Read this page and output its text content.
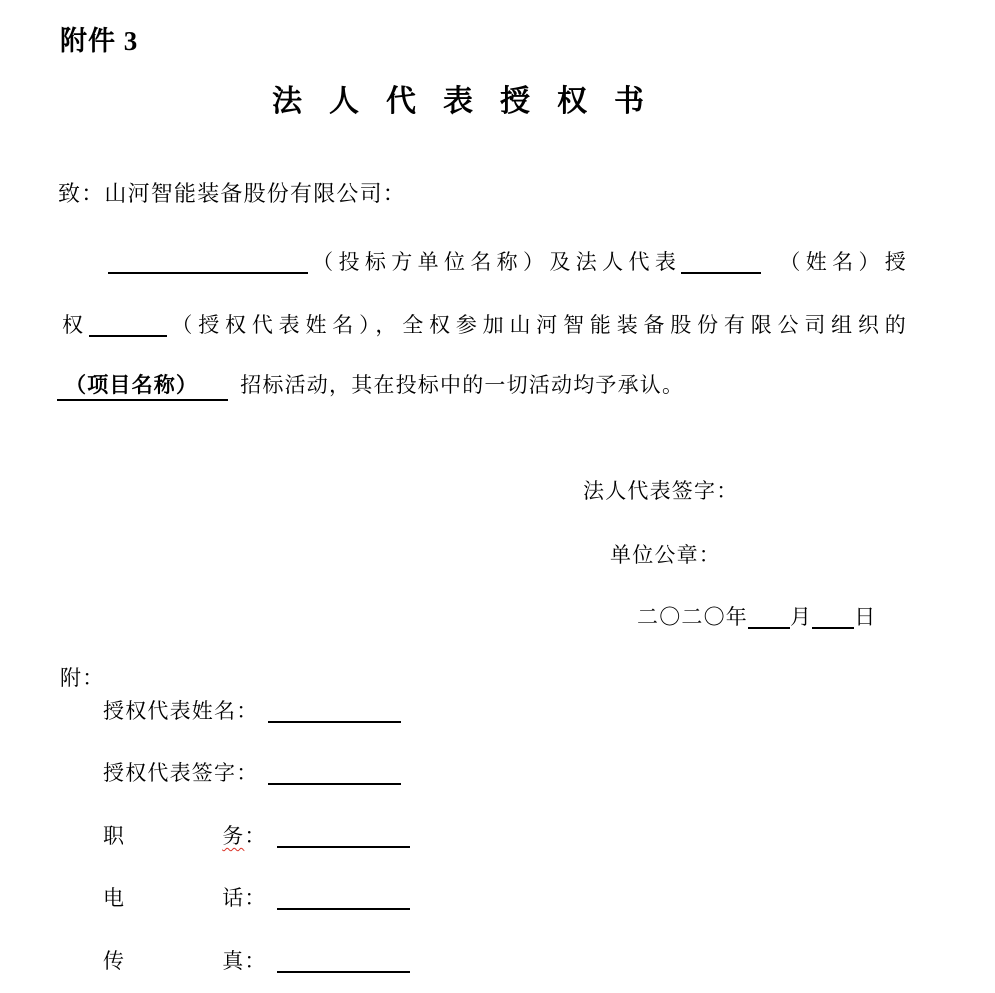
附件 3
法人代表授权书
致：山河智能装备股份有限公司：
（投标方单位名称）及法人代表	（姓名）授
权	（授权代表姓名），全权参加山河智能装备股份有限公司组织的
（项目名称） 招标活动，其在投标中的一切活动均予承认。
法人代表签字：
单位公章：
二〇二〇年 月 日
附：
授权代表姓名：
授权代表签字：
职	务：
电	话：
传	真：
